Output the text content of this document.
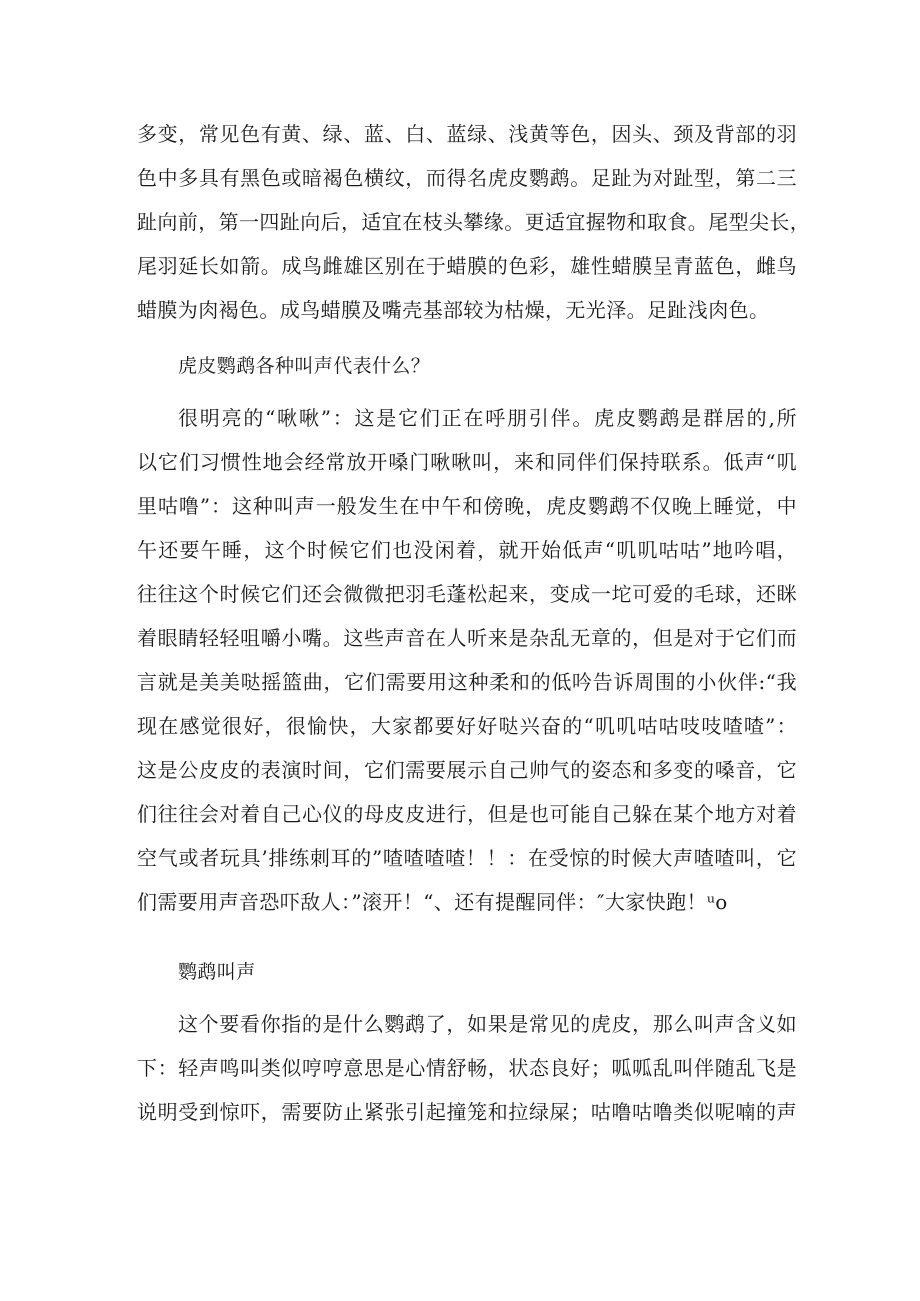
多变，常见色有黄、绿、蓝、白、蓝绿、浅黄等色，因头、颈及背部的羽
色中多具有黑色或暗褐色横纹，而得名虎皮鹦鹉。足趾为对趾型，第二三
趾向前，第一四趾向后，适宜在枝头攀缘。更适宜握物和取食。尾型尖长，
尾羽延长如箭。成鸟雌雄区别在于蜡膜的色彩，雄性蜡膜呈青蓝色，雌鸟
蜡膜为肉褐色。成鸟蜡膜及嘴壳基部较为枯燥，无光泽。足趾浅肉色。
虎皮鹦鹉各种叫声代表什么？
很明亮的“啾啾”：这是它们正在呼朋引伴。虎皮鹦鹉是群居的,所
以它们习惯性地会经常放开嗓门啾啾叫，来和同伴们保持联系。低声“叽
里咕噜”：这种叫声一般发生在中午和傍晚，虎皮鹦鹉不仅晚上睡觉，中
午还要午睡，这个时候它们也没闲着，就开始低声“叽叽咕咕”地吟唱，
往往这个时候它们还会微微把羽毛蓬松起来，变成一坨可爱的毛球，还眯
着眼睛轻轻咀嚼小嘴。这些声音在人听来是杂乱无章的，但是对于它们而
言就是美美哒摇篮曲，它们需要用这种柔和的低吟告诉周围的小伙伴:“我
现在感觉很好，很愉快，大家都要好好哒兴奋的“叽叽咕咕吱吱喳喳”：
这是公皮皮的表演时间，它们需要展示自己帅气的姿态和多变的嗓音，它
们往往会对着自己心仪的母皮皮进行，但是也可能自己躲在某个地方对着
空气或者玩具’排练刺耳的”喳喳喳喳！！：在受惊的时候大声喳喳叫，它
们需要用声音恐吓敌人：”滚开！“、还有提醒同伴：″大家快跑！ᵘo
鹦鹉叫声
这个要看你指的是什么鹦鹉了，如果是常见的虎皮，那么叫声含义如
下：轻声鸣叫类似哼哼意思是心情舒畅，状态良好；呱呱乱叫伴随乱飞是
说明受到惊吓，需要防止紧张引起撞笼和拉绿屎；咕噜咕噜类似呢喃的声
